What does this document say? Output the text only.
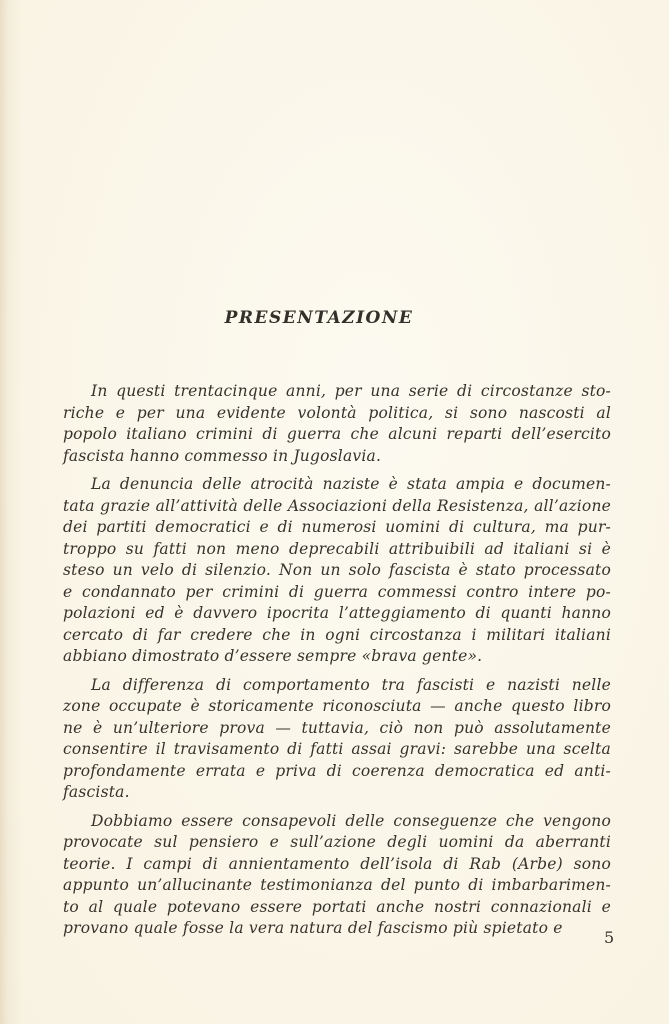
PRESENTAZIONE
In questi trentacinque anni, per una serie di circostanze sto-
riche e per una evidente volontà politica, si sono nascosti al
popolo italiano crimini di guerra che alcuni reparti dell’esercito
fascista hanno commesso in Jugoslavia.
La denuncia delle atrocità naziste è stata ampia e documen-
tata grazie all’attività delle Associazioni della Resistenza, all’azione
dei partiti democratici e di numerosi uomini di cultura, ma pur-
troppo su fatti non meno deprecabili attribuibili ad italiani si è
steso un velo di silenzio. Non un solo fascista è stato processato
e condannato per crimini di guerra commessi contro intere po-
polazioni ed è davvero ipocrita l’atteggiamento di quanti hanno
cercato di far credere che in ogni circostanza i militari italiani
abbiano dimostrato d’essere sempre «brava gente».
La differenza di comportamento tra fascisti e nazisti nelle
zone occupate è storicamente riconosciuta — anche questo libro
ne è un’ulteriore prova — tuttavia, ciò non può assolutamente
consentire il travisamento di fatti assai gravi: sarebbe una scelta
profondamente errata e priva di coerenza democratica ed anti-
fascista.
Dobbiamo essere consapevoli delle conseguenze che vengono
provocate sul pensiero e sull’azione degli uomini da aberranti
teorie. I campi di annientamento dell’isola di Rab (Arbe) sono
appunto un’allucinante testimonianza del punto di imbarbarimen-
to al quale potevano essere portati anche nostri connazionali e
provano quale fosse la vera natura del fascismo più spietato e	5
